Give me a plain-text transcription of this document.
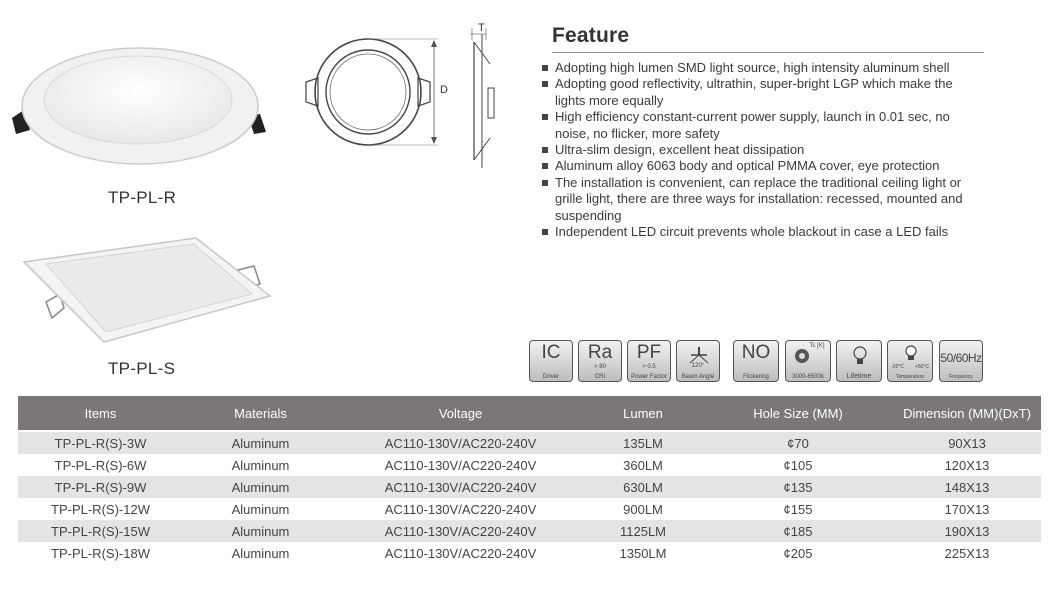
TP-PL-R
TP-PL-S
T
D
Feature
Adopting high lumen SMD light source, high intensity aluminum shell
Adopting good reflectivity, ultrathin, super-bright LGP which make the lights more equally
High efficiency constant-current power supply, launch in 0.01 sec, no noise, no flicker, more safety
Ultra-slim design, excellent heat dissipation
Aluminum alloy 6063 body and optical PMMA cover, eye protection
The installation is convenient, can replace the traditional ceiling light or grille light, there are three ways for installation: recessed, mounted and suspending
Independent LED circuit prevents whole blackout in case a LED fails
IC
Driver
Ra
> 80
CRI
PF
> 0.5
Power Factor
120°
Beam Angle
NO
Flickering
Tc [K]
3000-6500k	Lifetime
-20°C	+50°C
Temperature
50/60Hz
Frequency
Items	Materials	Voltage	Lumen	Hole Size (MM)	Dimension (MM)(DxT)
TP-PL-R(S)-3W	Aluminum	AC110-130V/AC220-240V	135LM	¢70	90X13
TP-PL-R(S)-6W	Aluminum	AC110-130V/AC220-240V	360LM	¢105	120X13
TP-PL-R(S)-9W	Aluminum	AC110-130V/AC220-240V	630LM	¢135	148X13
TP-PL-R(S)-12W	Aluminum	AC110-130V/AC220-240V	900LM	¢155	170X13
TP-PL-R(S)-15W	Aluminum	AC110-130V/AC220-240V	1125LM	¢185	190X13
TP-PL-R(S)-18W	Aluminum	AC110-130V/AC220-240V	1350LM	¢205	225X13
